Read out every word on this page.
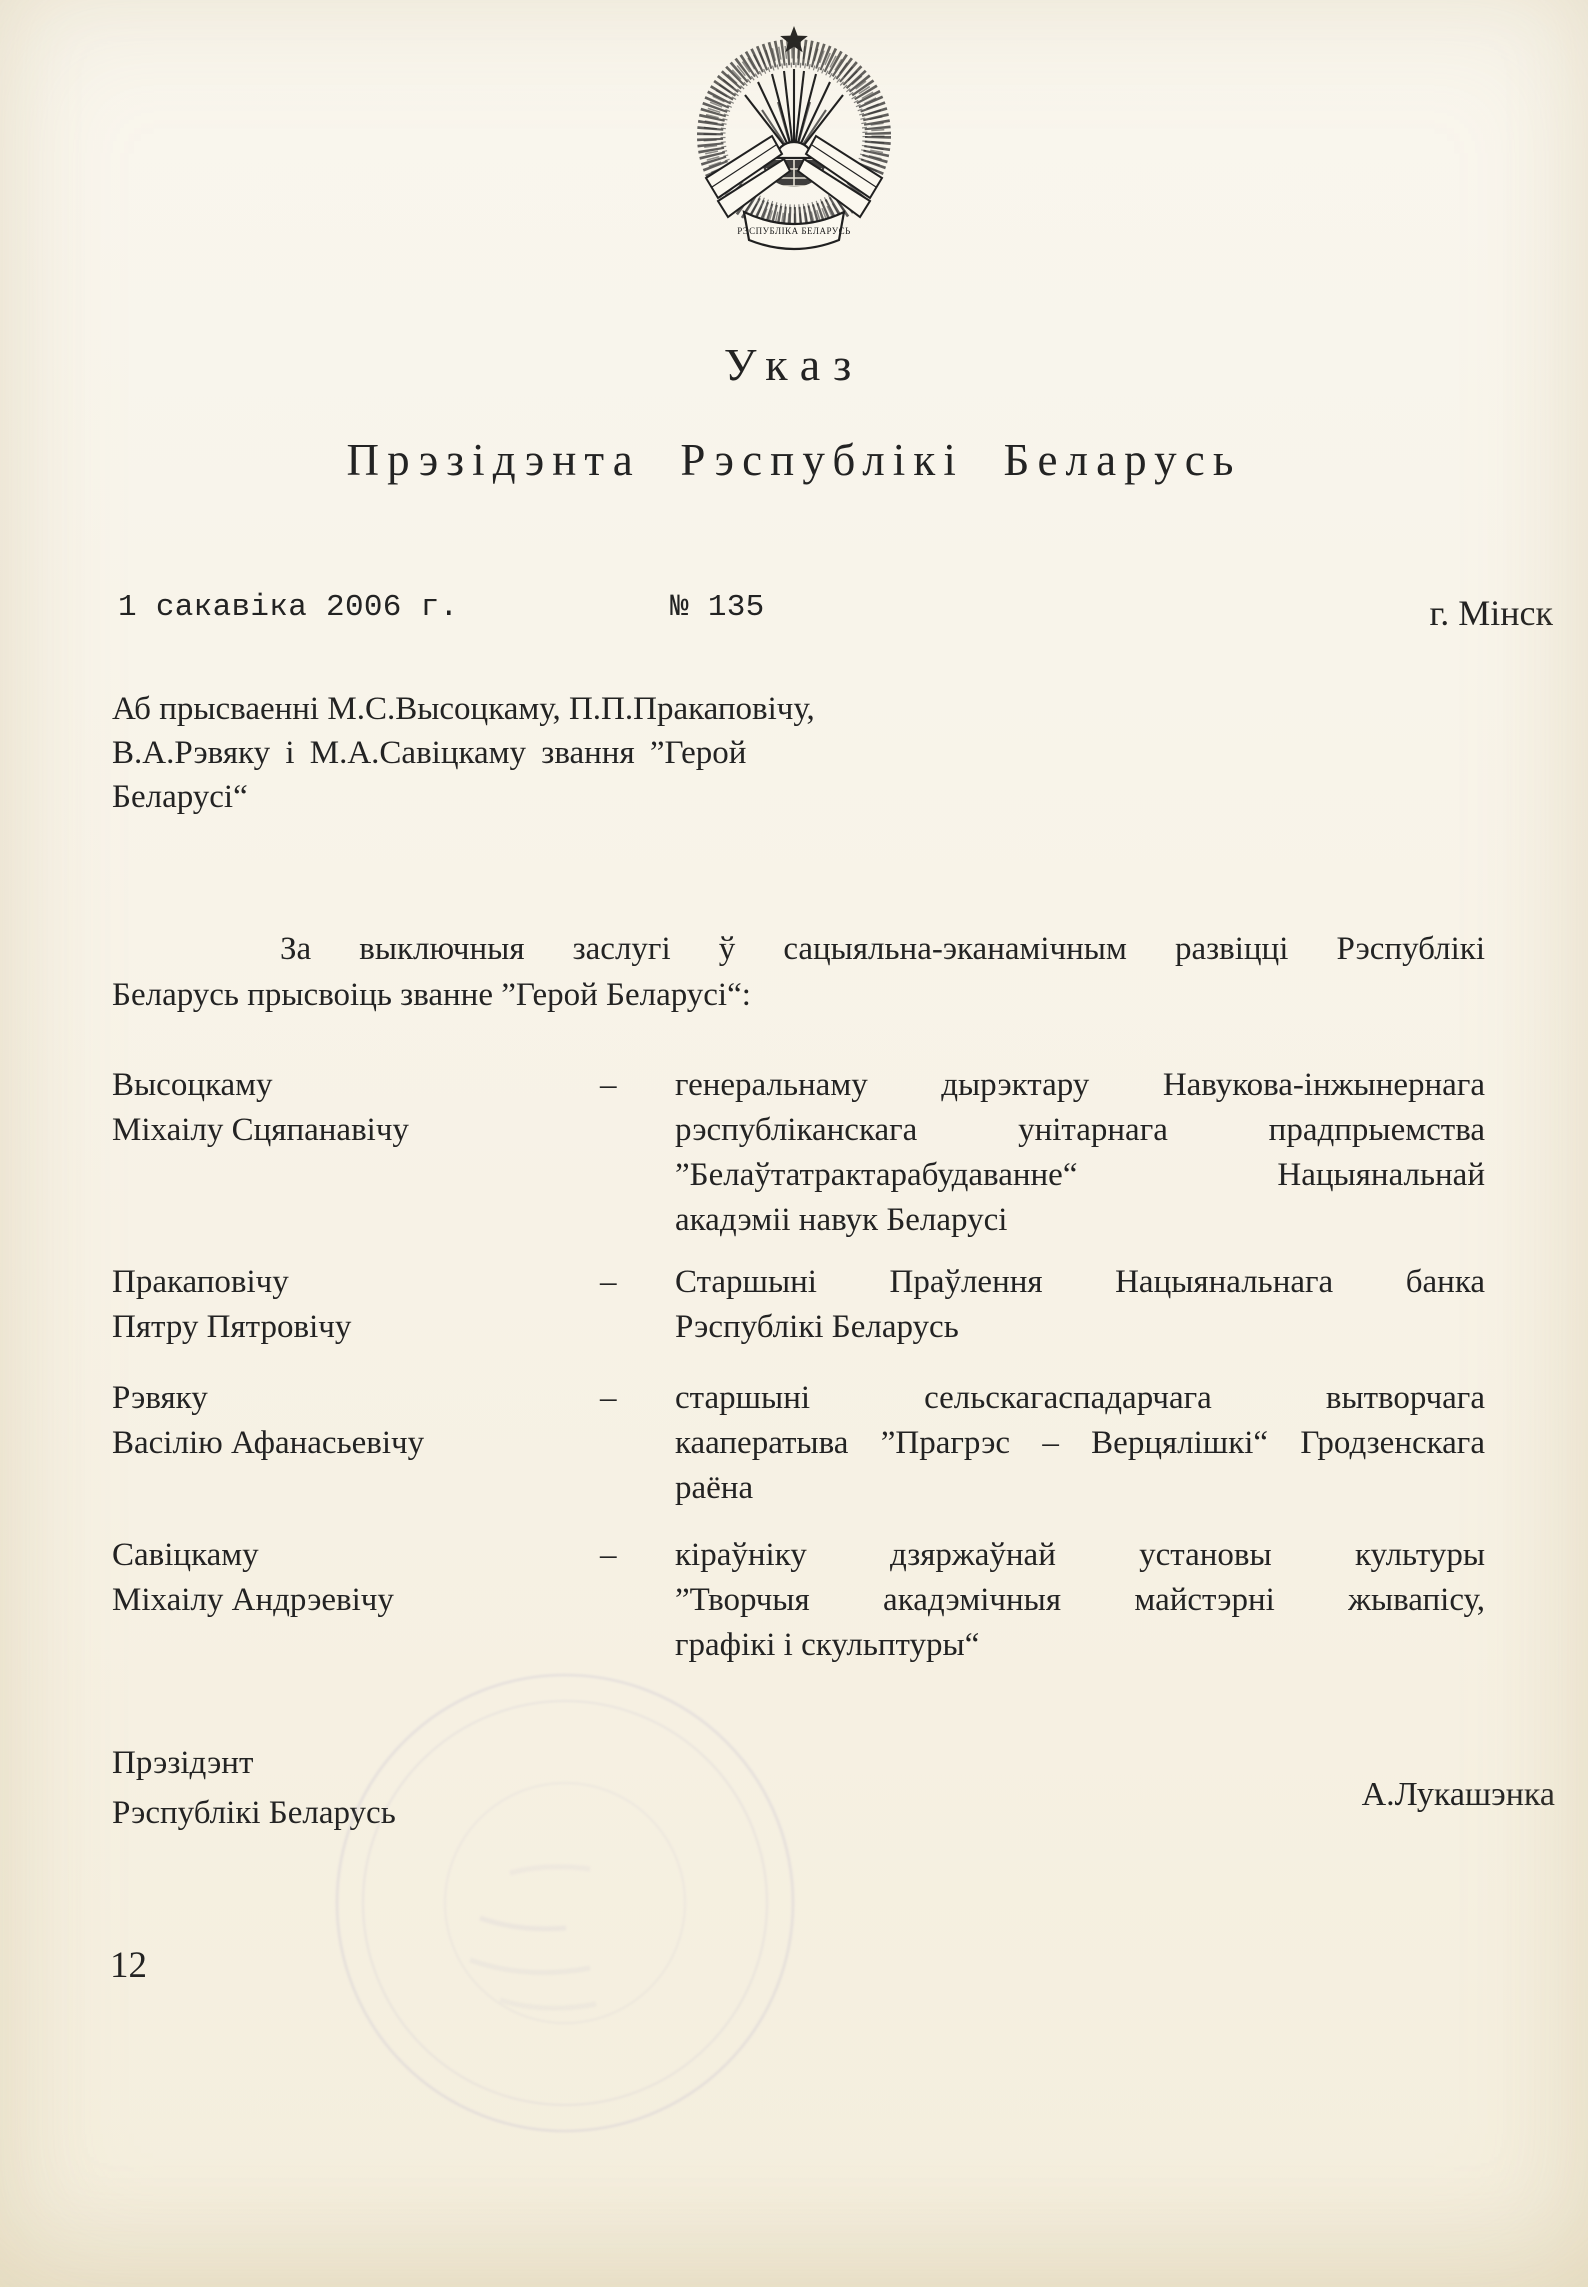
РЭСПУБЛІКА БЕЛАРУСЬ
Указ
Прэзідэнта Рэспублікі Беларусь
1 сакавіка 2006 г.	№ 135	г. Мінск
Аб прысваенні М.С.Высоцкаму, П.П.Пракаповічу,
В.А.Рэвяку і М.А.Савіцкаму звання ”Герой
Беларусі“
За выключныя заслугі ў сацыяльна-эканамічным развіцці Рэспублікі
Беларусь прысвоіць званне ”Герой Беларусі“:
Высоцкаму
Міхаілу Сцяпанавічу
–	генеральнаму дырэктару Навукова-інжынернага
рэспубліканскага унітарнага прадпрыемства
”Белаўтатрактарабудаванне“ Нацыянальнай
акадэміі навук Беларусі
Пракаповічу
Пятру Пятровічу
–	Старшыні Праўлення Нацыянальнага банка
Рэспублікі Беларусь
Рэвяку
Васілію Афанасьевічу
–	старшыні сельскагаспадарчага вытворчага
кааператыва ”Прагрэс – Верцялішкі“ Гродзенскага
раёна
Савіцкаму
Міхаілу Андрэевічу
–	кіраўніку дзяржаўнай установы культуры
”Творчыя акадэмічныя майстэрні жывапісу,
графікі і скульптуры“
Прэзідэнт
Рэспублікі Беларусь	А.Лукашэнка
12
